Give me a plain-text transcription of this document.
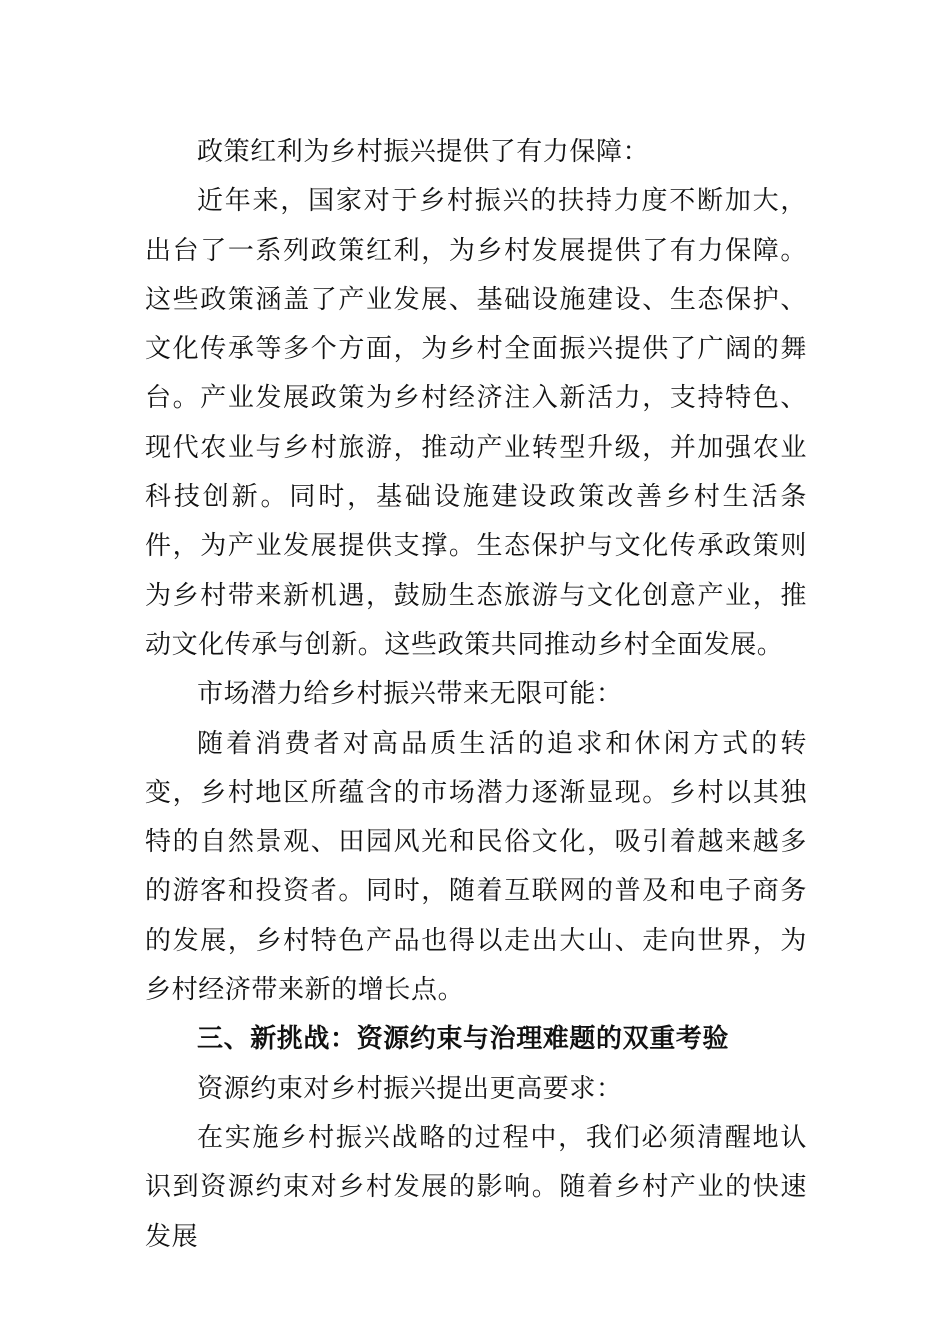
政策红利为乡村振兴提供了有力保障：

近年来，国家对于乡村振兴的扶持力度不断加大，出台了一系列政策红利，为乡村发展提供了有力保障。这些政策涵盖了产业发展、基础设施建设、生态保护、文化传承等多个方面，为乡村全面振兴提供了广阔的舞台。产业发展政策为乡村经济注入新活力，支持特色、现代农业与乡村旅游，推动产业转型升级，并加强农业科技创新。同时，基础设施建设政策改善乡村生活条件，为产业发展提供支撑。生态保护与文化传承政策则为乡村带来新机遇，鼓励生态旅游与文化创意产业，推动文化传承与创新。这些政策共同推动乡村全面发展。

市场潜力给乡村振兴带来无限可能：

随着消费者对高品质生活的追求和休闲方式的转变，乡村地区所蕴含的市场潜力逐渐显现。乡村以其独特的自然景观、田园风光和民俗文化，吸引着越来越多的游客和投资者。同时，随着互联网的普及和电子商务的发展，乡村特色产品也得以走出大山、走向世界，为乡村经济带来新的增长点。

三、新挑战：资源约束与治理难题的双重考验

资源约束对乡村振兴提出更高要求：

在实施乡村振兴战略的过程中，我们必须清醒地认识到资源约束对乡村发展的影响。随着乡村产业的快速发展
